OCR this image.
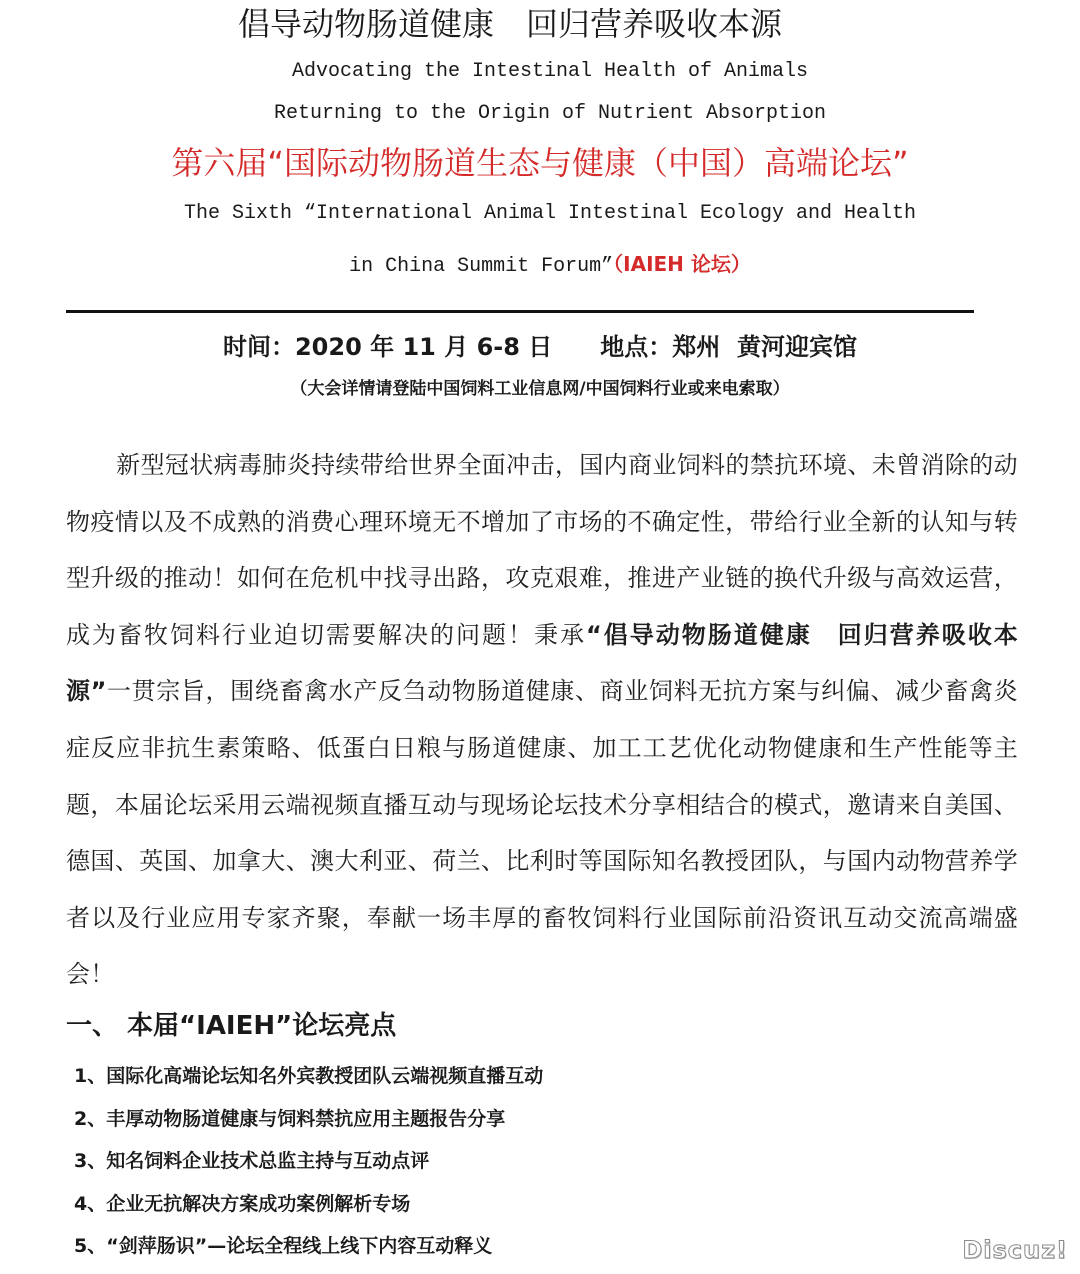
倡导动物肠道健康　回归营养吸收本源
Advocating the Intestinal Health of Animals
Returning to the Origin of Nutrient Absorption
第六届“国际动物肠道生态与健康（中国）高端论坛”
The Sixth “International Animal Intestinal Ecology and Health
in China Summit Forum”（IAIEH 论坛）
时间：2020 年 11 月 6-8 日　　地点：郑州  黄河迎宾馆
（大会详情请登陆中国饲料工业信息网/中国饲料行业或来电索取）
新型冠状病毒肺炎持续带给世界全面冲击，国内商业饲料的禁抗环境、未曾消除的动物疫情以及不成熟的消费心理环境无不增加了市场的不确定性，带给行业全新的认知与转型升级的推动！如何在危机中找寻出路，攻克艰难，推进产业链的换代升级与高效运营，成为畜牧饲料行业迫切需要解决的问题！秉承“倡导动物肠道健康　回归营养吸收本源”一贯宗旨，围绕畜禽水产反刍动物肠道健康、商业饲料无抗方案与纠偏、减少畜禽炎症反应非抗生素策略、低蛋白日粮与肠道健康、加工工艺优化动物健康和生产性能等主题，本届论坛采用云端视频直播互动与现场论坛技术分享相结合的模式，邀请来自美国、德国、英国、加拿大、澳大利亚、荷兰、比利时等国际知名教授团队，与国内动物营养学者以及行业应用专家齐聚，奉献一场丰厚的畜牧饲料行业国际前沿资讯互动交流高端盛会！
一、 本届“IAIEH”论坛亮点
1、国际化高端论坛知名外宾教授团队云端视频直播互动
2、丰厚动物肠道健康与饲料禁抗应用主题报告分享
3、知名饲料企业技术总监主持与互动点评
4、企业无抗解决方案成功案例解析专场
5、“剑萍肠识”—论坛全程线上线下内容互动释义	Discuz!
